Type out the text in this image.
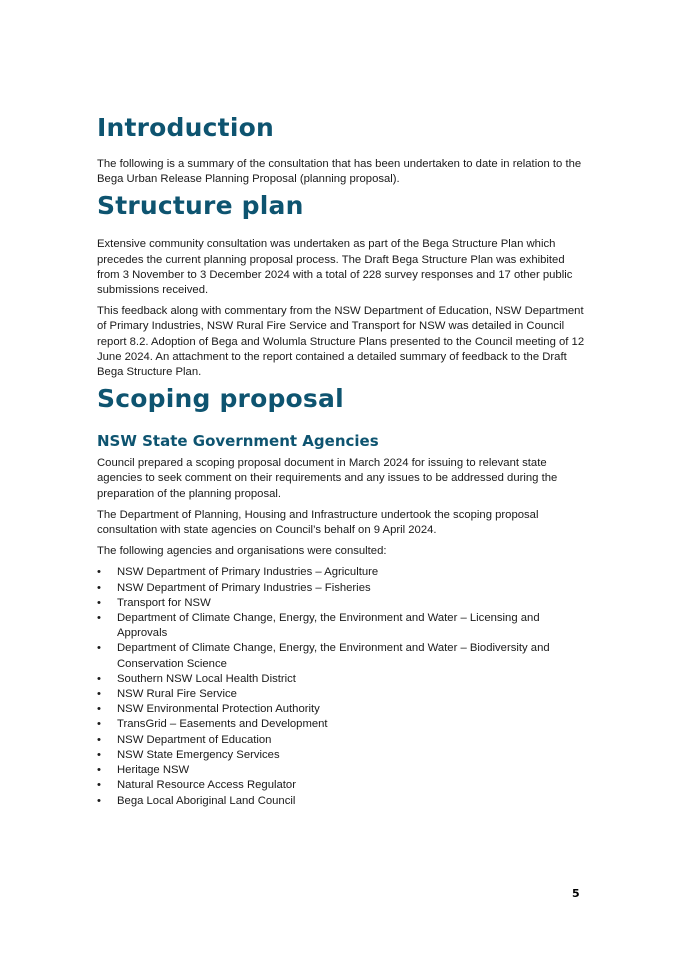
Introduction

The following is a summary of the consultation that has been undertaken to date in relation to the Bega Urban Release Planning Proposal (planning proposal).

Structure plan

Extensive community consultation was undertaken as part of the Bega Structure Plan which precedes the current planning proposal process. The Draft Bega Structure Plan was exhibited from 3 November to 3 December 2024 with a total of 228 survey responses and 17 other public submissions received.

This feedback along with commentary from the NSW Department of Education, NSW Department of Primary Industries, NSW Rural Fire Service and Transport for NSW was detailed in Council report 8.2. Adoption of Bega and Wolumla Structure Plans presented to the Council meeting of 12 June 2024. An attachment to the report contained a detailed summary of feedback to the Draft Bega Structure Plan.

Scoping proposal
NSW State Government Agencies

Council prepared a scoping proposal document in March 2024 for issuing to relevant state agencies to seek comment on their requirements and any issues to be addressed during the preparation of the planning proposal.

The Department of Planning, Housing and Infrastructure undertook the scoping proposal consultation with state agencies on Council’s behalf on 9 April 2024.

The following agencies and organisations were consulted:

•	NSW Department of Primary Industries – Agriculture
•	NSW Department of Primary Industries – Fisheries
•	Transport for NSW
•	Department of Climate Change, Energy, the Environment and Water – Licensing and Approvals
•	Department of Climate Change, Energy, the Environment and Water – Biodiversity and Conservation Science
•	Southern NSW Local Health District
•	NSW Rural Fire Service
•	NSW Environmental Protection Authority
•	TransGrid – Easements and Development
•	NSW Department of Education
•	NSW State Emergency Services
•	Heritage NSW
•	Natural Resource Access Regulator
•	Bega Local Aboriginal Land Council
5
